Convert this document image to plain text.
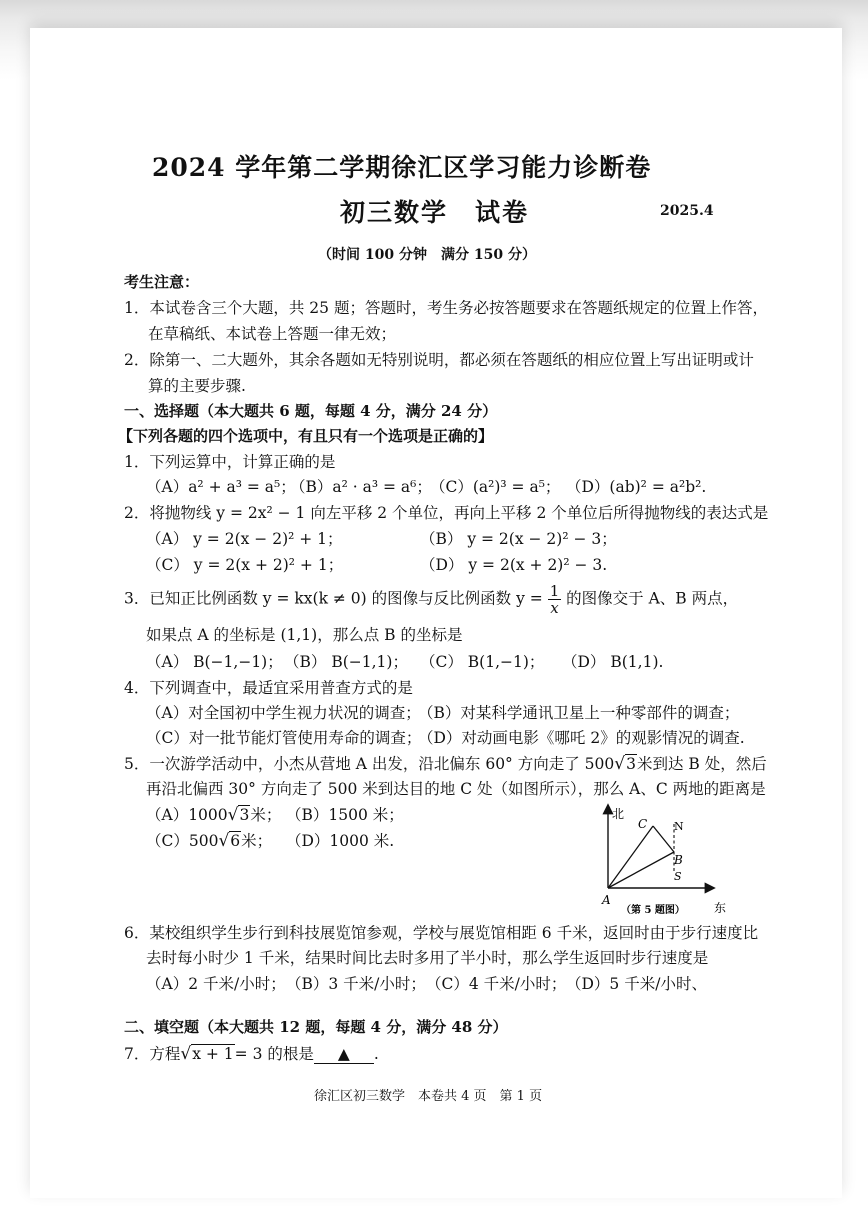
2024 学年第二学期徐汇区学习能力诊断卷
初三数学　试卷	2025.4
（时间 100 分钟　满分 150 分）
考生注意：
1．本试卷含三个大题，共 25 题；答题时，考生务必按答题要求在答题纸规定的位置上作答，
在草稿纸、本试卷上答题一律无效；
2．除第一、二大题外，其余各题如无特别说明，都必须在答题纸的相应位置上写出证明或计
算的主要步骤.
一、选择题（本大题共 6 题，每题 4 分，满分 24 分）
【下列各题的四个选项中，有且只有一个选项是正确的】
1．下列运算中，计算正确的是
（A）a² + a³ = a⁵；
（B）a² · a³ = a⁶；
（C）(a²)³ = a⁵； （D）(ab)² = a²b².
2．将抛物线 y = 2x² − 1 向左平移 2 个单位，再向上平移 2 个单位后所得抛物线的表达式是
（A） y = 2(x − 2)² + 1；	（B） y = 2(x − 2)² − 3；
（C） y = 2(x + 2)² + 1；	（D） y = 2(x + 2)² − 3.
3．已知正比例函数 y = kx(k ≠ 0) 的图像与反比例函数 $y = \frac{1}{x}$ 的图像交于 A、B 两点，
如果点 A 的坐标是 (1,1)，那么点 B 的坐标是
（A） B(−1,−1)； （B） B(−1,1)； （C） B(1,−1)； （D） B(1,1).
4．下列调查中，最适宜采用普查方式的是
（A）对全国初中学生视力状况的调查；
（B）对某科学通讯卫星上一种零部件的调查；
（C）对一批节能灯管使用寿命的调查；
（D）对动画电影《哪吒 2》的观影情况的调查.
5．一次游学活动中，小杰从营地 A 出发，沿北偏东 60° 方向走了 500√3米到达 B 处，然后
再沿北偏西 30° 方向走了 500 米到达目的地 C 处（如图所示），那么 A、C 两地的距离是
（A）1000√3米； （B）1500 米；
（C）500√6米； （D）1000 米.
北
A
B
C N
S
（第 5 题图） 东
6．某校组织学生步行到科技展览馆参观，学校与展览馆相距 6 千米，返回时由于步行速度比
去时每小时少 1 千米，结果时间比去时多用了半小时，那么学生返回时步行速度是
（A）2 千米/小时； （B）3 千米/小时； （C）4 千米/小时； （D）5 千米/小时、
二、填空题（本大题共 12 题，每题 4 分，满分 48 分）
7．方程√x + 1= 3 的根是 ▲ .
徐汇区初三数学　本卷共 4 页　第 1 页
